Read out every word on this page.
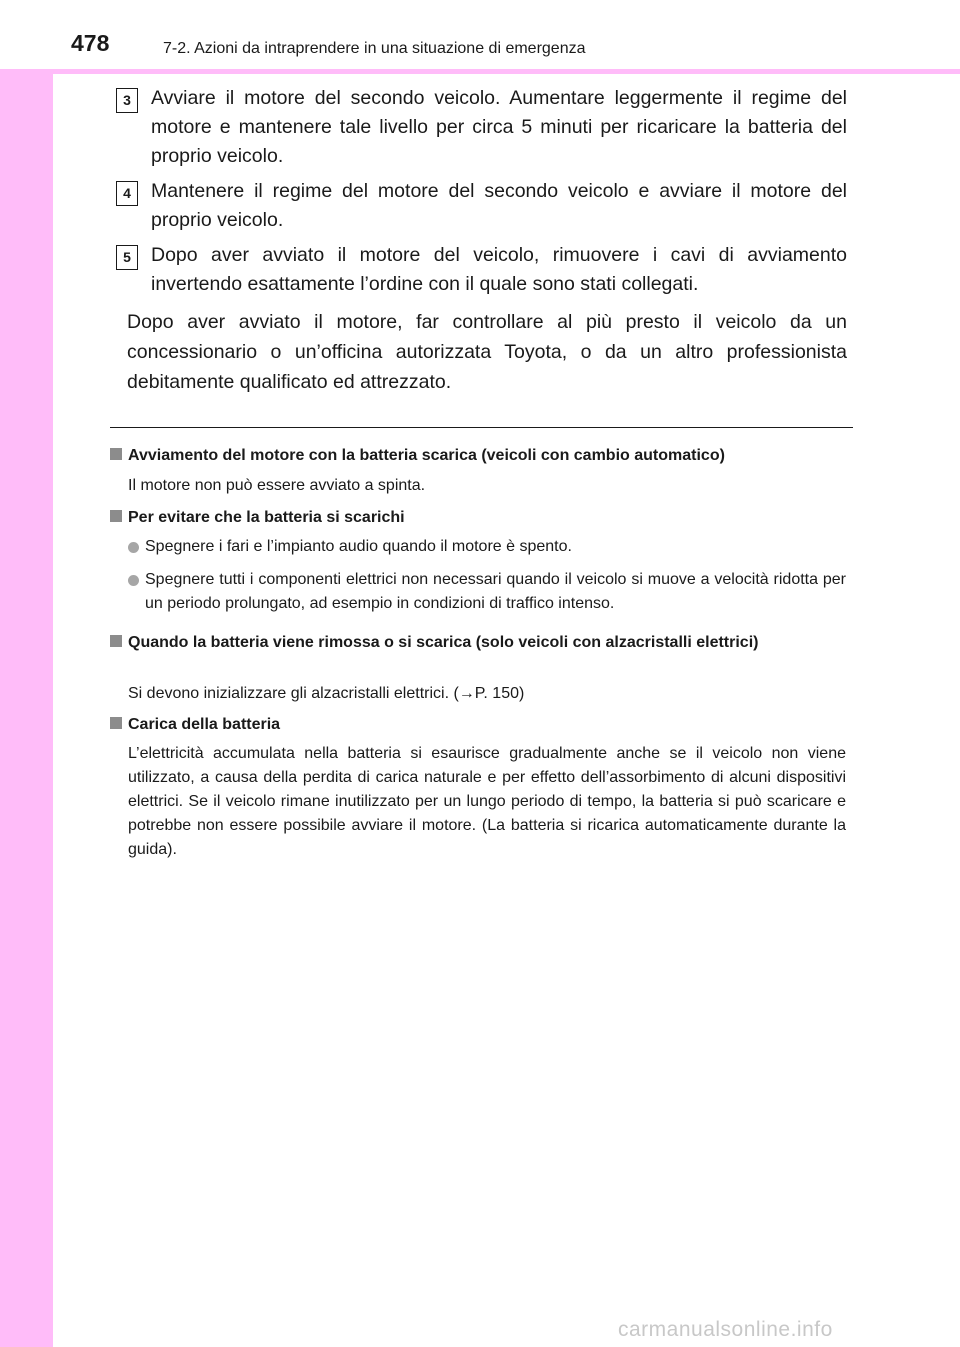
478	7-2. Azioni da intraprendere in una situazione di emergenza
3	Avviare il motore del secondo veicolo. Aumentare leggermente il regime del motore e mantenere tale livello per circa 5 minuti per ricaricare la batteria del proprio veicolo.
4	Mantenere il regime del motore del secondo veicolo e avviare il motore del proprio veicolo.
5	Dopo aver avviato il motore del veicolo, rimuovere i cavi di avviamento invertendo esattamente l’ordine con il quale sono stati collegati.
Dopo aver avviato il motore, far controllare al più presto il veicolo da un concessionario o un’officina autorizzata Toyota, o da un altro professionista debitamente qualificato ed attrezzato.
Avviamento del motore con la batteria scarica (veicoli con cambio automatico)
Il motore non può essere avviato a spinta.
Per evitare che la batteria si scarichi
Spegnere i fari e l’impianto audio quando il motore è spento.
Spegnere tutti i componenti elettrici non necessari quando il veicolo si muove a velocità ridotta per un periodo prolungato, ad esempio in condizioni di traffico intenso.
Quando la batteria viene rimossa o si scarica (solo veicoli con alzacristalli elettrici)
Si devono inizializzare gli alzacristalli elettrici. (→P. 150)
Carica della batteria
L’elettricità accumulata nella batteria si esaurisce gradualmente anche se il veicolo non viene utilizzato, a causa della perdita di carica naturale e per effetto dell’assorbimento di alcuni dispositivi elettrici. Se il veicolo rimane inutilizzato per un lungo periodo di tempo, la batteria si può scaricare e potrebbe non essere possibile avviare il motore. (La batteria si ricarica automaticamente durante la guida).
carmanualsonline.info
